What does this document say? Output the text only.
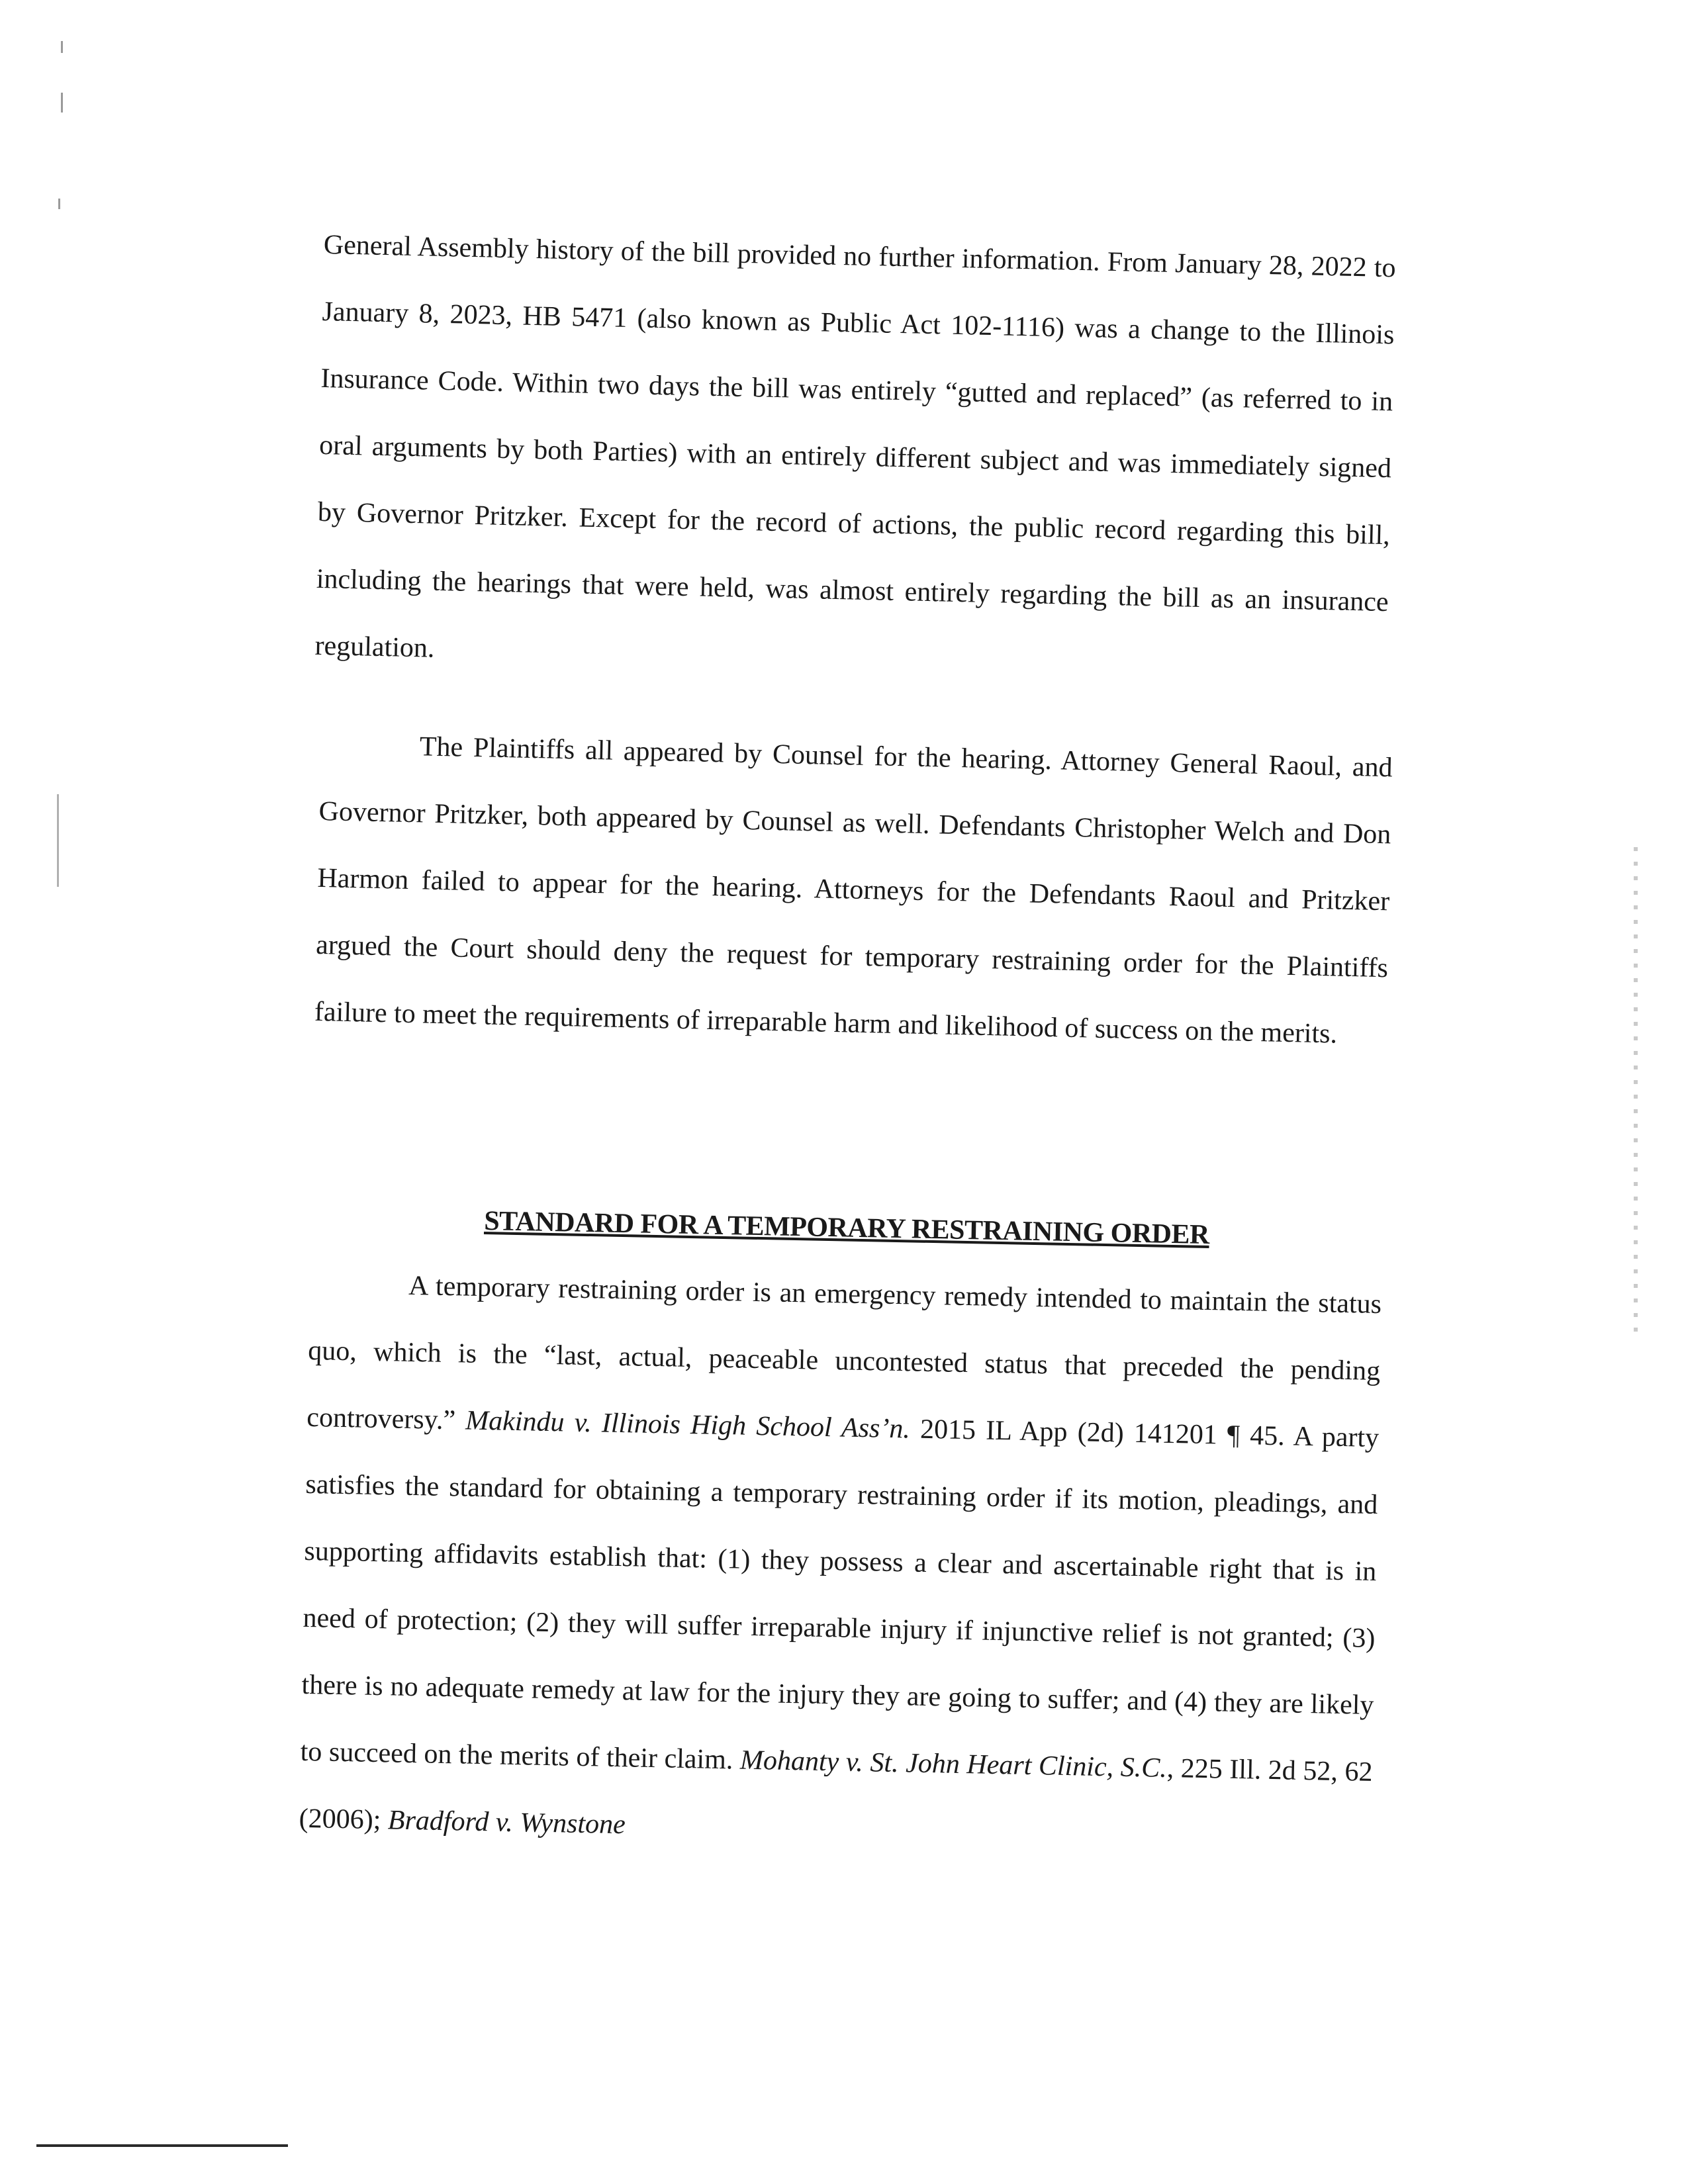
General Assembly history of the bill provided no further information. From January 28, 2022 to January 8, 2023, HB 5471 (also known as Public Act 102-1116) was a change to the Illinois Insurance Code. Within two days the bill was entirely “gutted and replaced” (as referred to in oral arguments by both Parties) with an entirely different subject and was immediately signed by Governor Pritzker. Except for the record of actions, the public record regarding this bill, including the hearings that were held, was almost entirely regarding the bill as an insurance regulation.

The Plaintiffs all appeared by Counsel for the hearing. Attorney General Raoul, and Governor Pritzker, both appeared by Counsel as well. Defendants Christopher Welch and Don Harmon failed to appear for the hearing. Attorneys for the Defendants Raoul and Pritzker argued the Court should deny the request for temporary restraining order for the Plaintiffs failure to meet the requirements of irreparable harm and likelihood of success on the merits.

STANDARD FOR A TEMPORARY RESTRAINING ORDER

A temporary restraining order is an emergency remedy intended to maintain the status quo, which is the “last, actual, peaceable uncontested status that preceded the pending controversy.” Makindu v. Illinois High School Ass’n. 2015 IL App (2d) 141201 ¶ 45. A party satisfies the standard for obtaining a temporary restraining order if its motion, pleadings, and supporting affidavits establish that: (1) they possess a clear and ascertainable right that is in need of protection; (2) they will suffer irreparable injury if injunctive relief is not granted; (3) there is no adequate remedy at law for the injury they are going to suffer; and (4) they are likely to succeed on the merits of their claim. Mohanty v. St. John Heart Clinic, S.C., 225 Ill. 2d 52, 62 (2006); Bradford v. Wynstone
